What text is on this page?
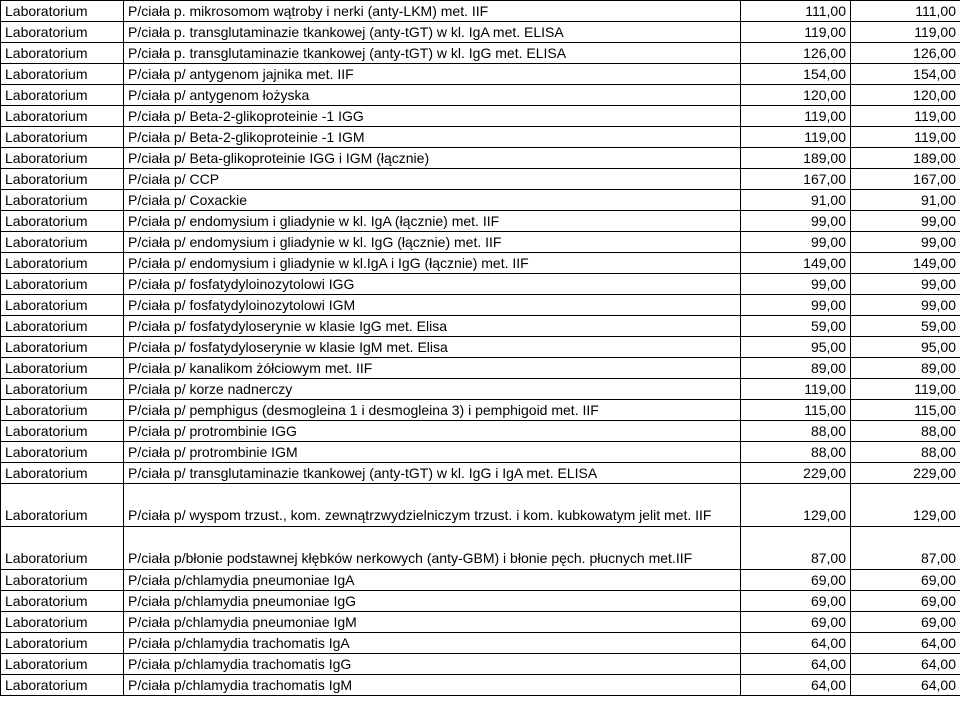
Laboratorium	P/ciała p. mikrosomom wątroby i nerki (anty-LKM) met. IIF	111,00	111,00
Laboratorium	P/ciała p. transglutaminazie tkankowej (anty-tGT) w kl. IgA met. ELISA	119,00	119,00
Laboratorium	P/ciała p. transglutaminazie tkankowej (anty-tGT) w kl. IgG met. ELISA	126,00	126,00
Laboratorium	P/ciała p/ antygenom jajnika met. IIF	154,00	154,00
Laboratorium	P/ciała p/ antygenom łożyska	120,00	120,00
Laboratorium	P/ciała p/ Beta-2-glikoproteinie -1 IGG	119,00	119,00
Laboratorium	P/ciała p/ Beta-2-glikoproteinie -1 IGM	119,00	119,00
Laboratorium	P/ciała p/ Beta-glikoproteinie IGG i IGM (łącznie)	189,00	189,00
Laboratorium	P/ciała p/ CCP	167,00	167,00
Laboratorium	P/ciała p/ Coxackie	91,00	91,00
Laboratorium	P/ciała p/ endomysium i gliadynie w kl. IgA (łącznie) met. IIF	99,00	99,00
Laboratorium	P/ciała p/ endomysium i gliadynie w kl. IgG (łącznie) met. IIF	99,00	99,00
Laboratorium	P/ciała p/ endomysium i gliadynie w kl.IgA i IgG (łącznie) met. IIF	149,00	149,00
Laboratorium	P/ciała p/ fosfatydyloinozytolowi IGG	99,00	99,00
Laboratorium	P/ciała p/ fosfatydyloinozytolowi IGM	99,00	99,00
Laboratorium	P/ciała p/ fosfatydyloserynie w klasie IgG met. Elisa	59,00	59,00
Laboratorium	P/ciała p/ fosfatydyloserynie w klasie IgM met. Elisa	95,00	95,00
Laboratorium	P/ciała p/ kanalikom żółciowym met. IIF	89,00	89,00
Laboratorium	P/ciała p/ korze nadnerczy	119,00	119,00
Laboratorium	P/ciała p/ pemphigus (desmogleina 1 i desmogleina 3) i pemphigoid met. IIF	115,00	115,00
Laboratorium	P/ciała p/ protrombinie IGG	88,00	88,00
Laboratorium	P/ciała p/ protrombinie IGM	88,00	88,00
Laboratorium	P/ciała p/ transglutaminazie tkankowej (anty-tGT) w kl. IgG i IgA met. ELISA	229,00	229,00
Laboratorium	P/ciała p/ wyspom trzust., kom. zewnątrzwydzielniczym trzust. i kom. kubkowatym jelit met. IIF	129,00	129,00
Laboratorium	P/ciała p/błonie podstawnej kłębków nerkowych (anty-GBM) i błonie pęch. płucnych met.IIF	87,00	87,00
Laboratorium	P/ciała p/chlamydia pneumoniae IgA	69,00	69,00
Laboratorium	P/ciała p/chlamydia pneumoniae IgG	69,00	69,00
Laboratorium	P/ciała p/chlamydia pneumoniae IgM	69,00	69,00
Laboratorium	P/ciała p/chlamydia trachomatis IgA	64,00	64,00
Laboratorium	P/ciała p/chlamydia trachomatis IgG	64,00	64,00
Laboratorium	P/ciała p/chlamydia trachomatis IgM	64,00	64,00
